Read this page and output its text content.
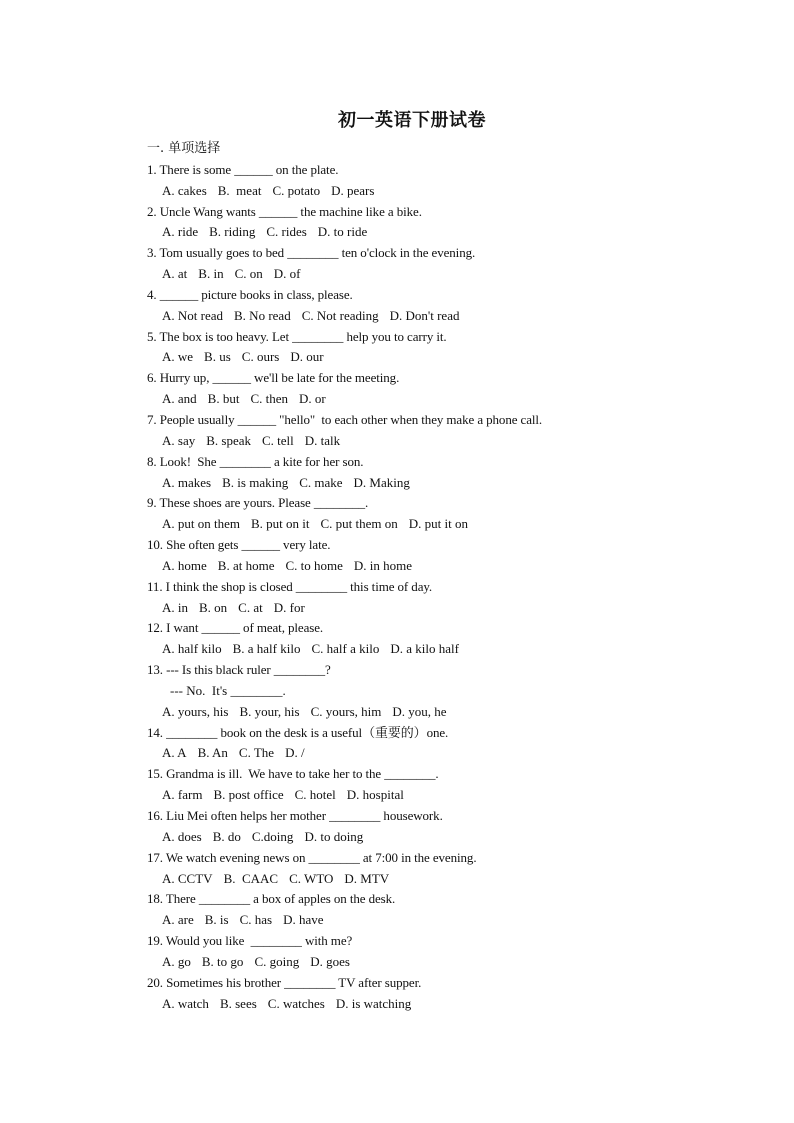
初一英语下册试卷
一. 单项选择
1. There is some ______ on the plate.
A. cakes B.  meat C. potato D. pears
2. Uncle Wang wants ______ the machine like a bike.
A. ride B. riding C. rides D. to ride
3. Tom usually goes to bed ________ ten o'clock in the evening.
A. at B. in C. on D. of
4. ______ picture books in class, please.
A. Not read B. No read C. Not reading D. Don't read
5. The box is too heavy. Let ________ help you to carry it.
A. we B. us C. ours D. our
6. Hurry up, ______ we'll be late for the meeting.
A. and B. but C. then D. or
7. People usually ______ "hello"  to each other when they make a phone call.
A. say B. speak C. tell D. talk
8. Look!  She ________ a kite for her son.
A. makes B. is making C. make D. Making
9. These shoes are yours. Please ________.
A. put on them B. put on it C. put them on D. put it on
10. She often gets ______ very late.
A. home B. at home C. to home D. in home
11. I think the shop is closed ________ this time of day.
A. in B. on C. at D. for
12. I want ______ of meat, please.
A. half kilo B. a half kilo C. half a kilo D. a kilo half
13. --- Is this black ruler ________?
--- No.  It's ________.
A. yours, his B. your, his C. yours, him D. you, he
14. ________ book on the desk is a useful（重要的）one.
A. A B. An C. The D. /
15. Grandma is ill.  We have to take her to the ________.
A. farm B. post office C. hotel D. hospital
16. Liu Mei often helps her mother ________ housework.
A. does B. do C.doing D. to doing
17. We watch evening news on ________ at 7:00 in the evening.
A. CCTV B.  CAAC C. WTO D. MTV
18. There ________ a box of apples on the desk.
A. are B. is C. has D. have
19. Would you like  ________ with me?
A. go B. to go C. going D. goes
20. Sometimes his brother ________ TV after supper.
A. watch B. sees C. watches D. is watching
